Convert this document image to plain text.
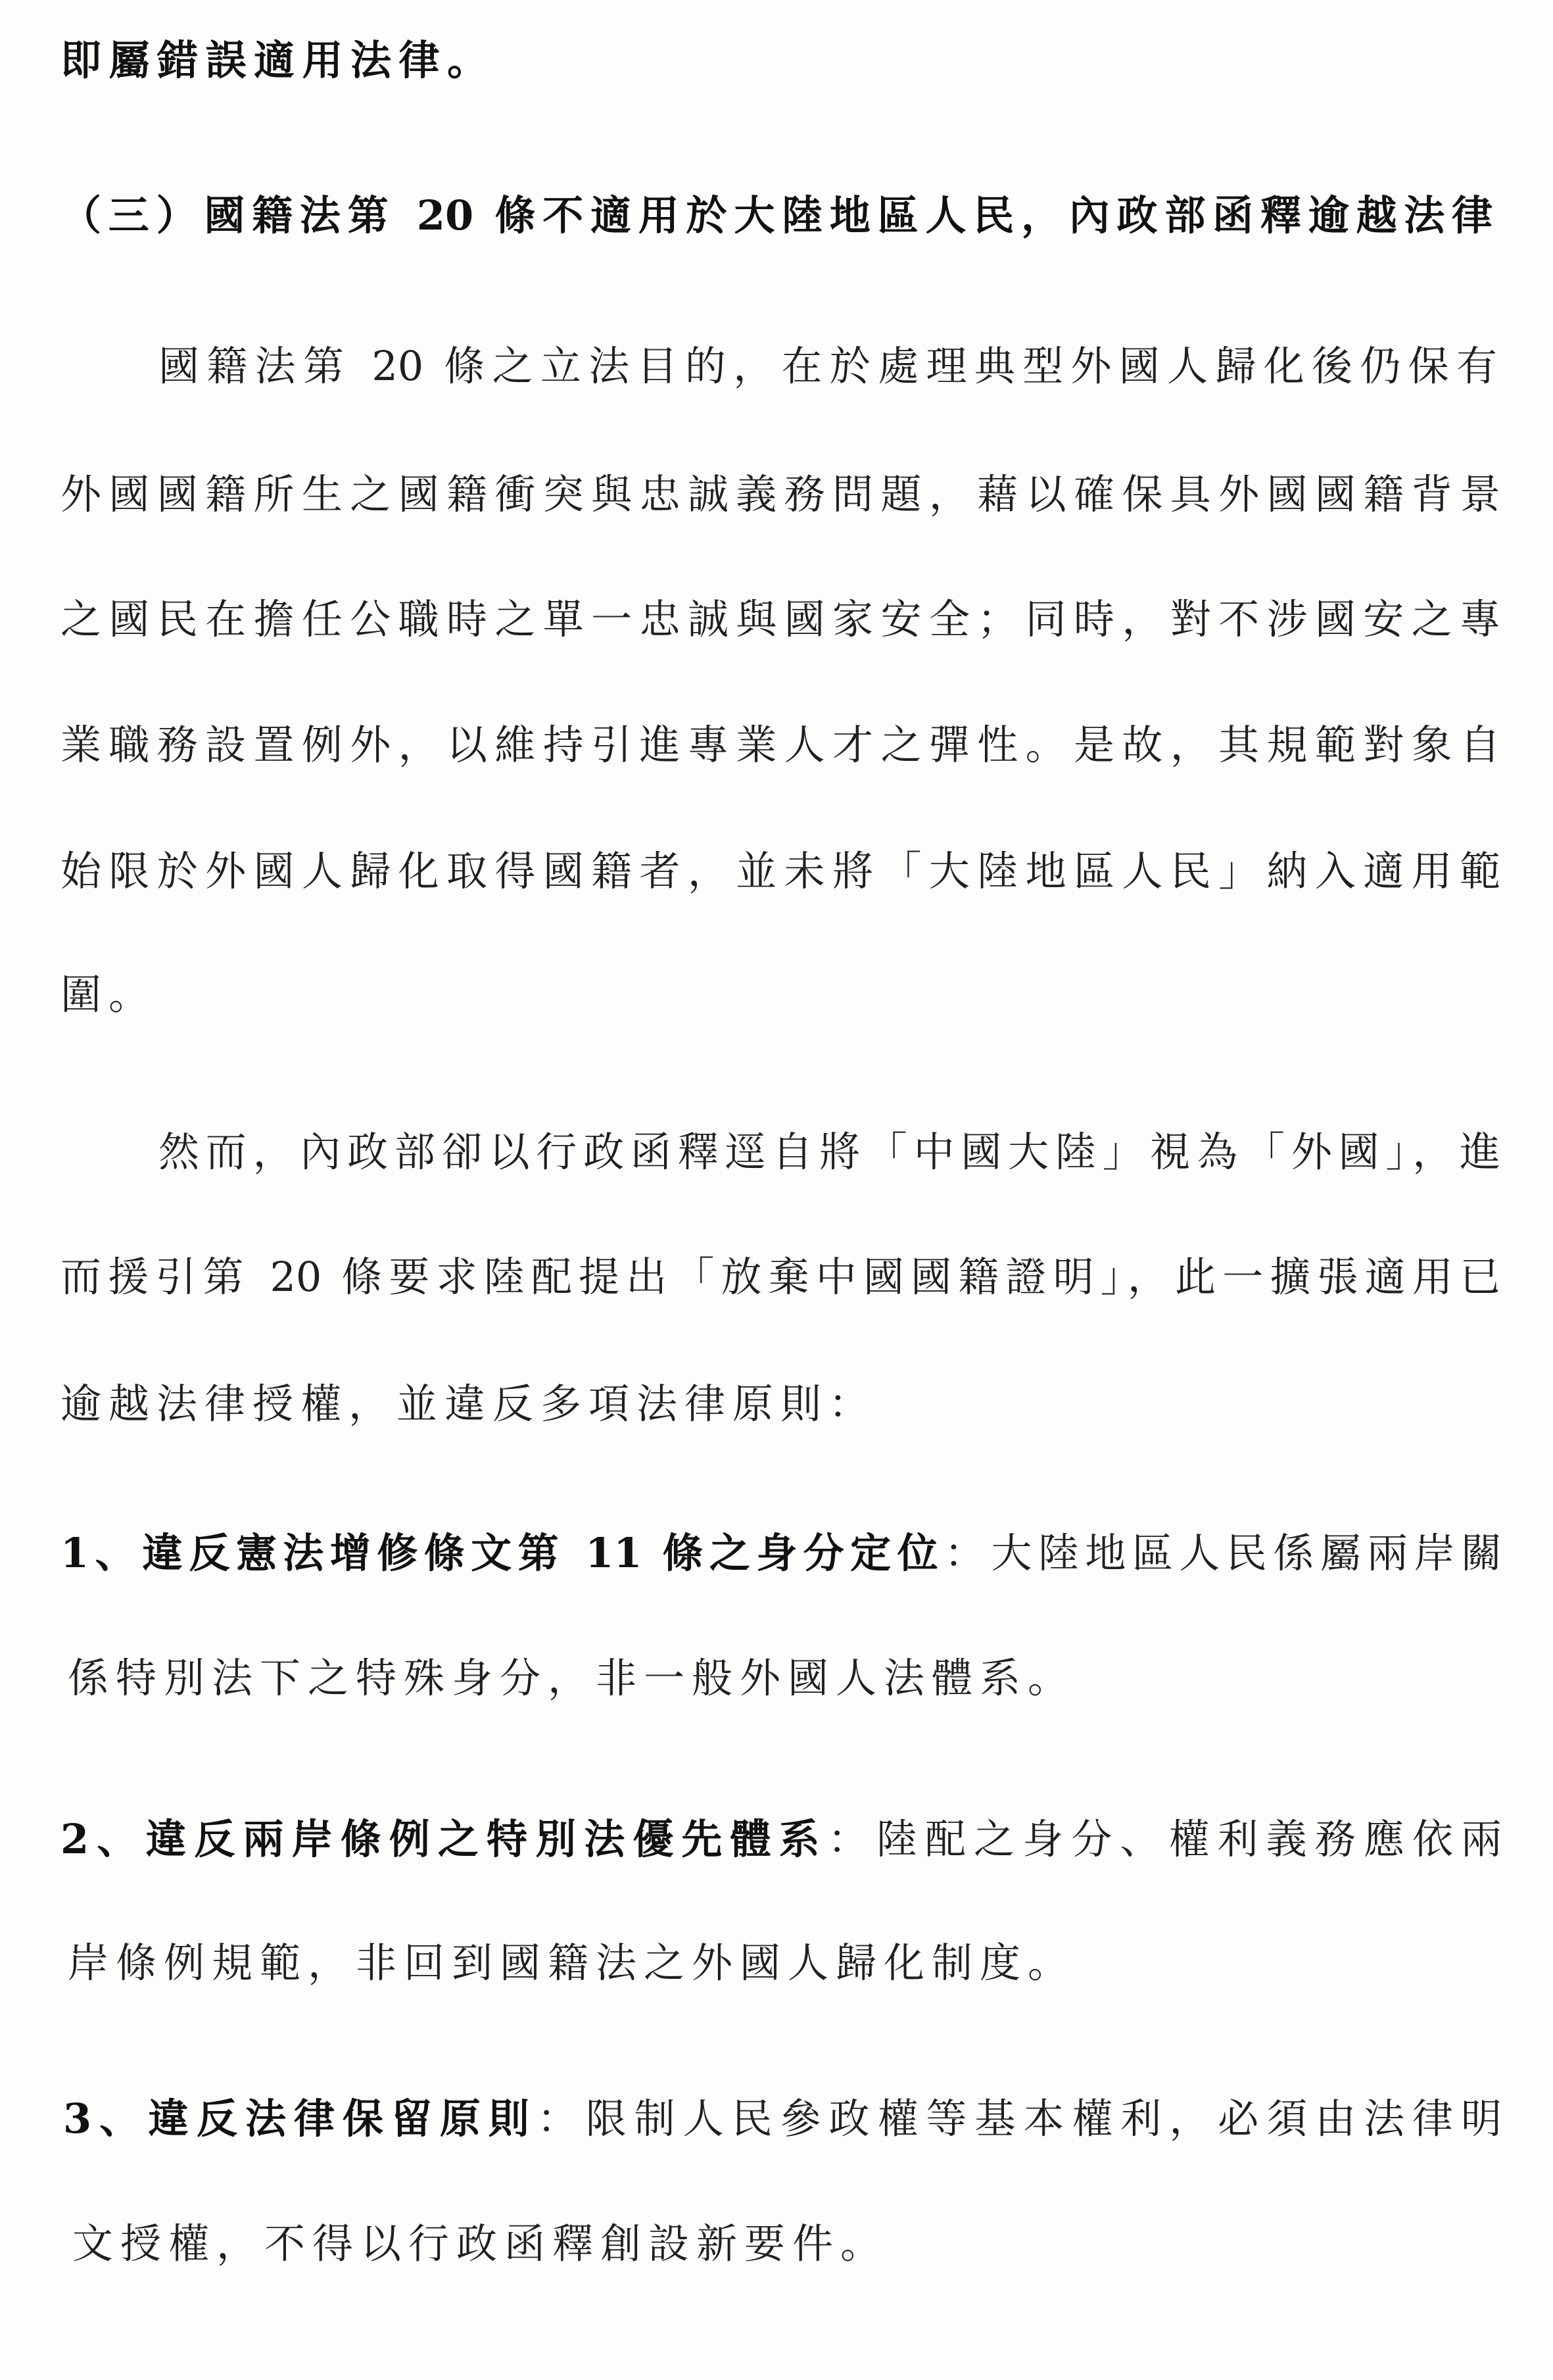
即屬錯誤適用法律。
（三）國籍法第 20 條不適用於大陸地區人民，內政部函釋逾越法律
國籍法第 20 條之立法目的，在於處理典型外國人歸化後仍保有
外國國籍所生之國籍衝突與忠誠義務問題，藉以確保具外國國籍背景
之國民在擔任公職時之單一忠誠與國家安全；同時，對不涉國安之專
業職務設置例外，以維持引進專業人才之彈性。是故，其規範對象自
始限於外國人歸化取得國籍者，並未將「大陸地區人民」納入適用範
圍。
然而，內政部卻以行政函釋逕自將「中國大陸」視為「外國」，進
而援引第 20 條要求陸配提出「放棄中國國籍證明」，此一擴張適用已
逾越法律授權，並違反多項法律原則：
1、違反憲法增修條文第 11 條之身分定位：大陸地區人民係屬兩岸關
係特別法下之特殊身分，非一般外國人法體系。
2、違反兩岸條例之特別法優先體系：陸配之身分、權利義務應依兩
岸條例規範，非回到國籍法之外國人歸化制度。
3、違反法律保留原則：限制人民參政權等基本權利，必須由法律明
文授權，不得以行政函釋創設新要件。
